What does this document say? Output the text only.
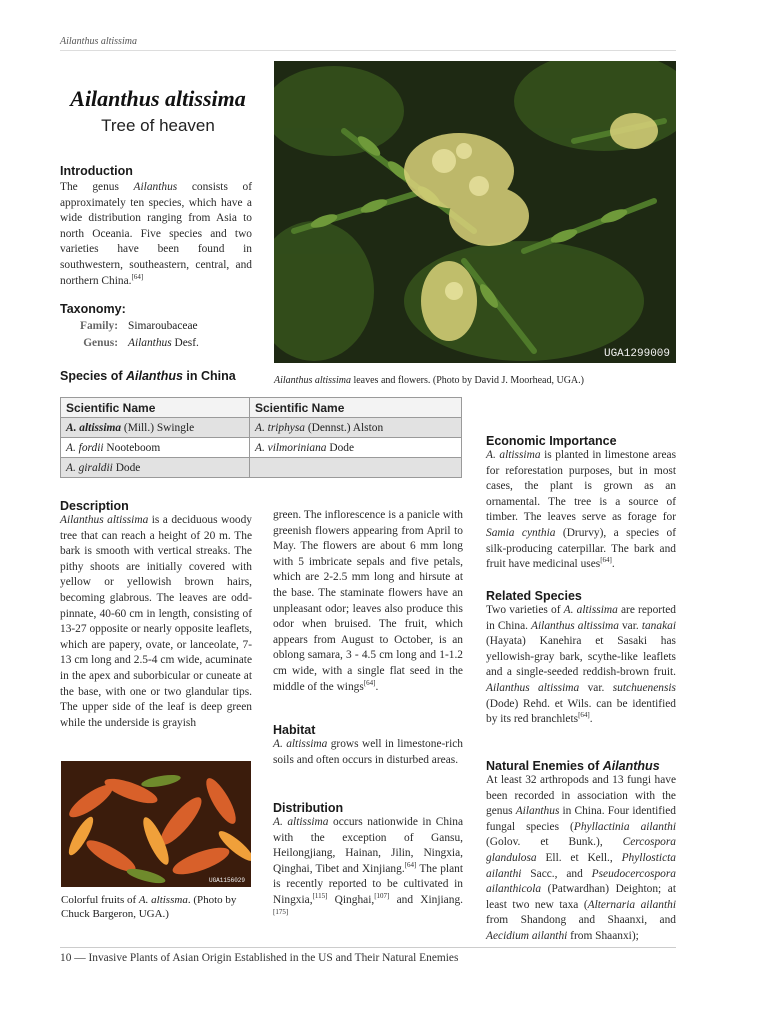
Ailanthus altissima
Ailanthus altissima
Tree of heaven
Introduction
The genus Ailanthus consists of approximately ten species, which have a wide distribution ranging from Asia to north Oceania. Five species and two varieties have been found in southwestern, southeastern, central, and northern China.[64]
Taxonomy:
Family: Simaroubaceae
Genus: Ailanthus Desf.
UGA1299009
Ailanthus altissima leaves and flowers. (Photo by David J. Moorhead, UGA.)
Species of Ailanthus in China
Scientific Name	Scientific Name
A. altissima (Mill.) Swingle	A. triphysa (Dennst.) Alston
A. fordii Nooteboom	A. vilmoriniana Dode
A. giraldii Dode	
Description
Ailanthus altissima is a deciduous woody tree that can reach a height of 20 m. The bark is smooth with vertical streaks. The pithy shoots are initially covered with yellow or yellowish brown hairs, becoming glabrous. The leaves are odd-pinnate, 40-60 cm in length, consisting of 13-27 opposite or nearly opposite leaflets, which are papery, ovate, or lanceolate, 7-13 cm long and 2.5-4 cm wide, acuminate in the apex and suborbicular or cuneate at the base, with one or two glandular tips. The upper side of the leaf is deep green while the underside is grayish
green. The inflorescence is a panicle with greenish flowers appearing from April to May. The flowers are about 6 mm long with 5 imbricate sepals and five petals, which are 2-2.5 mm long and hirsute at the base. The staminate flowers have an unpleasant odor; leaves also produce this odor when bruised. The fruit, which appears from August to October, is an oblong samara, 3 - 4.5 cm long and 1-1.2 cm wide, with a single flat seed in the middle of the wings[64].
UGA1156029
Colorful fruits of A. altissma. (Photo by Chuck Bargeron, UGA.)
Habitat
A. altissima grows well in limestone-rich soils and often occurs in disturbed areas.
Distribution
A. altissima occurs nationwide in China with the exception of Gansu, Heilongjiang, Hainan, Jilin, Ningxia, Qinghai, Tibet and Xinjiang.[64] The plant is recently reported to be cultivated in Ningxia,[115] Qinghai,[107] and Xinjiang.[175]
Economic Importance
A. altissima is planted in limestone areas for reforestation purposes, but in most cases, the plant is grown as an ornamental. The tree is a source of timber. The leaves serve as forage for Samia cynthia (Drurvy), a species of silk-producing caterpillar. The bark and fruit have medicinal uses[64].
Related Species
Two varieties of A. altissima are reported in China. Ailanthus altissima var. tanakai (Hayata) Kanehira et Sasaki has yellowish-gray bark, scythe-like leaflets and a single-seeded reddish-brown fruit. Ailanthus altissima var. sutchuenensis (Dode) Rehd. et Wils. can be identified by its red branchlets[64].
Natural Enemies of Ailanthus
At least 32 arthropods and 13 fungi have been recorded in association with the genus Ailanthus in China. Four identified fungal species (Phyllactinia ailanthi (Golov. et Bunk.), Cercospora glandulosa Ell. et Kell., Phyllosticta ailanthi Sacc., and Pseudocercospora ailanthicola (Patwardhan) Deighton; at least two new taxa (Alternaria ailanthi from Shandong and Shaanxi, and Aecidium ailanthi from Shaanxi);
10 — Invasive Plants of Asian Origin Established in the US and Their Natural Enemies
